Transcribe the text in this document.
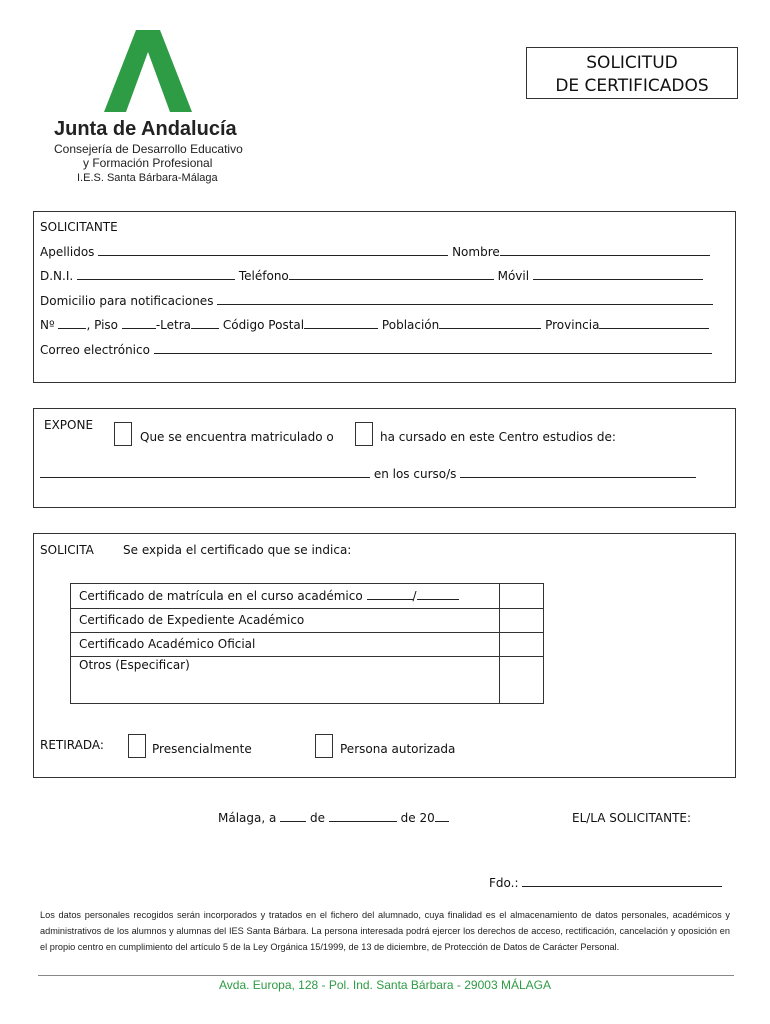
Junta de Andalucía
Consejería de Desarrollo Educativo
y Formación Profesional
I.E.S. Santa Bárbara-Málaga
SOLICITUD
DE CERTIFICADOS
SOLICITANTE
Apellidos	Nombre
D.N.I.	Teléfono	Móvil
Domicilio para notificaciones
Nº	, Piso	-Letra	Código Postal	Población	Provincia
Correo electrónico
EXPONE
Que se encuentra matriculado o	ha cursado en este Centro estudios de:
en los curso/s
SOLICITA Se expida el certificado que se indica:
Certificado de matrícula en el curso académico	/
Certificado de Expediente Académico
Certificado Académico Oficial
Otros (Especificar)
RETIRADA:	Presencialmente	Persona autorizada
Málaga, a	de	de 20	EL/LA SOLICITANTE:
Fdo.:
Los datos personales recogidos serán incorporados y tratados en el fichero del alumnado, cuya finalidad es el almacenamiento de datos personales, académicos y administrativos de los alumnos y alumnas del IES Santa Bárbara. La persona interesada podrá ejercer los derechos de acceso, rectificación, cancelación y oposición en el propio centro en cumplimiento del artículo 5 de la Ley Orgánica 15/1999, de 13 de diciembre, de Protección de Datos de Carácter Personal.
Avda. Europa, 128 - Pol. Ind. Santa Bárbara - 29003 MÁLAGA
